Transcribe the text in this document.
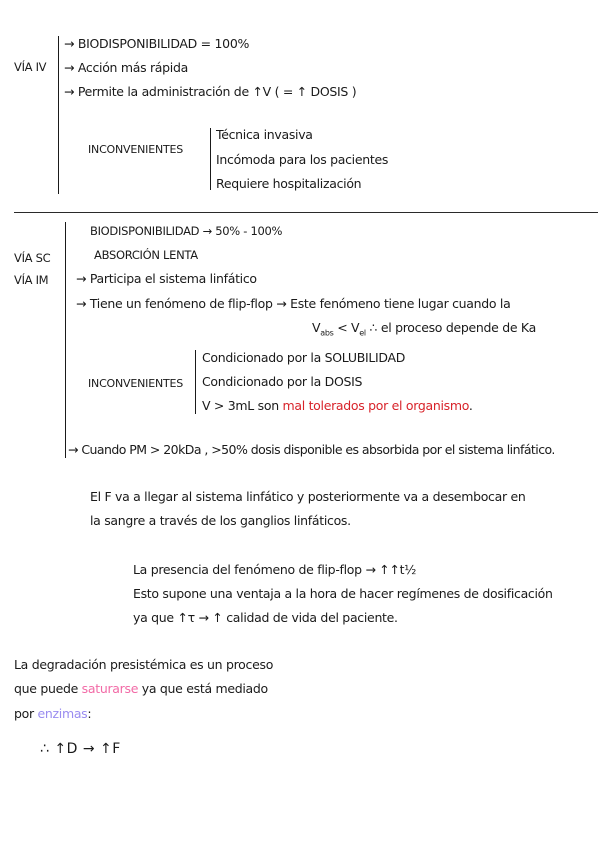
VÍA IV
→ BIODISPONIBILIDAD = 100%
→ Acción más rápida
→ Permite la administración de ↑V ( = ↑ DOSIS )
INCONVENIENTES
Técnica invasiva
Incómoda para los pacientes
Requiere hospitalización
VÍA SC
VÍA IM
BIODISPONIBILIDAD → 50% - 100%
ABSORCIÓN LENTA
→ Participa el sistema linfático
→ Tiene un fenómeno de flip-flop → Este fenómeno tiene lugar cuando la
$V_{abs} < V_{el}$ ∴ el proceso depende de Ka
INCONVENIENTES
Condicionado por la SOLUBILIDAD
Condicionado por la DOSIS
V > 3mL son mal tolerados por el organismo.
→ Cuando PM > 20kDa , >50% dosis disponible es absorbida por el sistema linfático.
El F va a llegar al sistema linfático y posteriormente va a desembocar en
la sangre a través de los ganglios linfáticos.
La presencia del fenómeno de flip-flop → ↑↑t½
Esto supone una ventaja a la hora de hacer regímenes de dosificación
ya que ↑τ → ↑ calidad de vida del paciente.
La degradación presistémica es un proceso
que puede saturarse ya que está mediado
por enzimas:
∴ ↑D → ↑F
